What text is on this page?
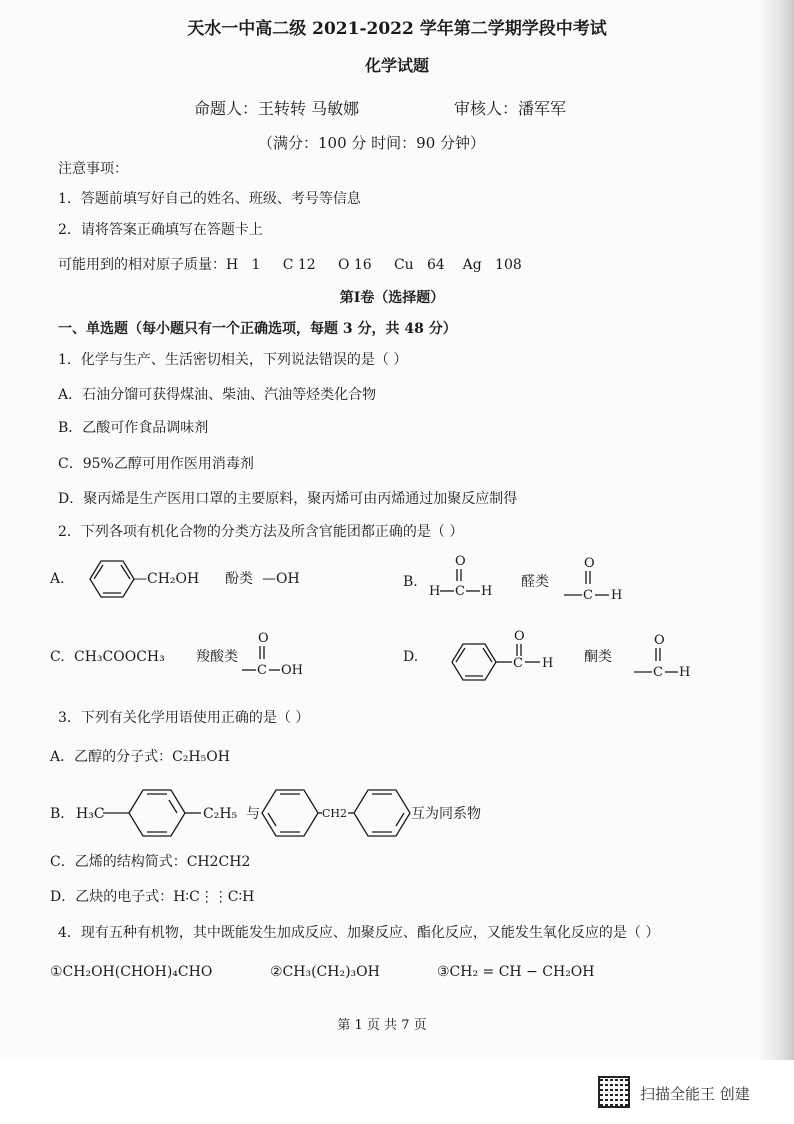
天水一中高二级 2021-2022 学年第二学期学段中考试
化学试题
命题人：王转转 马敏娜	审核人：潘军军
（满分：100 分 时间：90 分钟）
注意事项：
1．答题前填写好自己的姓名、班级、考号等信息
2．请将答案正确填写在答题卡上
可能用到的相对原子质量：H   1     C 12     O 16     Cu   64    Ag   108
第Ⅰ卷（选择题）
一、单选题（每小题只有一个正确选项，每题 3 分，共 48 分）
1．化学与生产、生活密切相关，下列说法错误的是（ ）
A．石油分馏可获得煤油、柴油、汽油等烃类化合物
B．乙酸可作食品调味剂
C．95%乙醇可用作医用消毒剂
D．聚丙烯是生产医用口罩的主要原料，聚丙烯可由丙烯通过加聚反应制得
2．下列各项有机化合物的分类方法及所含官能团都正确的是（ ）
A.	—CH₂OH 酚类 —OH	B.
O
H C H
醛类
O
C H
C. CH₃COOCH₃ 羧酸类
O
C OH
D.
O
C H 酮类
O
C H
3．下列有关化学用语使用正确的是（ ）
A．乙醇的分子式：C₂H₅OH
B． H₃C	C₂H₅ 与	CH2	互为同系物
C．乙烯的结构简式：CH2CH2
D．乙炔的电子式：H∶C⋮⋮C∶H
4．现有五种有机物，其中既能发生加成反应、加聚反应、酯化反应，又能发生氧化反应的是（ ）
①CH₂OH(CHOH)₄CHO	②CH₃(CH₂)₃OH	③CH₂ = CH − CH₂OH
第 1 页 共 7 页
扫描全能王 创建
